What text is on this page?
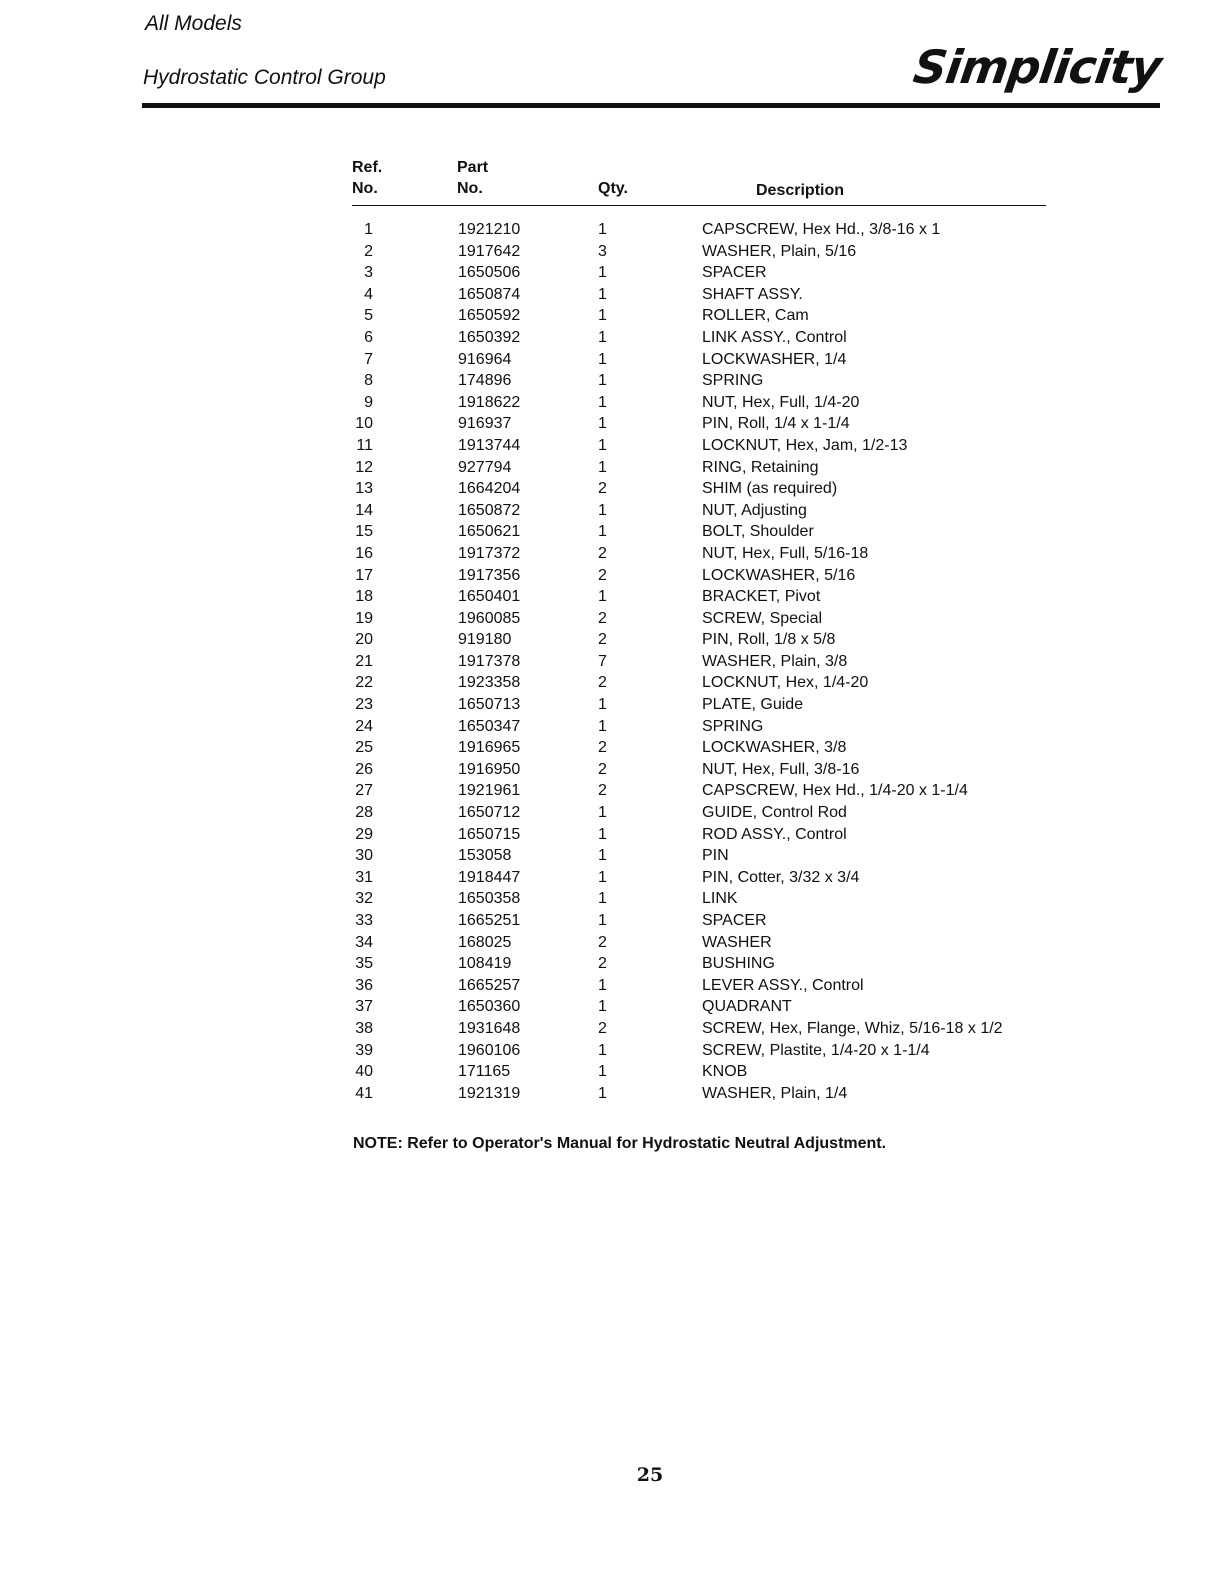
All Models
Hydrostatic Control Group	Simplicity
Ref.
No.
Part
No.	Qty.	Description
1	1921210	1	CAPSCREW, Hex Hd., 3/8-16 x 1
2	1917642	3	WASHER, Plain, 5/16
3	1650506	1	SPACER
4	1650874	1	SHAFT ASSY.
5	1650592	1	ROLLER, Cam
6	1650392	1	LINK ASSY., Control
7	916964	1	LOCKWASHER, 1/4
8	174896	1	SPRING
9	1918622	1	NUT, Hex, Full, 1/4-20
10	916937	1	PIN, Roll, 1/4 x 1-1/4
11	1913744	1	LOCKNUT, Hex, Jam, 1/2-13
12	927794	1	RING, Retaining
13	1664204	2	SHIM (as required)
14	1650872	1	NUT, Adjusting
15	1650621	1	BOLT, Shoulder
16	1917372	2	NUT, Hex, Full, 5/16-18
17	1917356	2	LOCKWASHER, 5/16
18	1650401	1	BRACKET, Pivot
19	1960085	2	SCREW, Special
20	919180	2	PIN, Roll, 1/8 x 5/8
21	1917378	7	WASHER, Plain, 3/8
22	1923358	2	LOCKNUT, Hex, 1/4-20
23	1650713	1	PLATE, Guide
24	1650347	1	SPRING
25	1916965	2	LOCKWASHER, 3/8
26	1916950	2	NUT, Hex, Full, 3/8-16
27	1921961	2	CAPSCREW, Hex Hd., 1/4-20 x 1-1/4
28	1650712	1	GUIDE, Control Rod
29	1650715	1	ROD ASSY., Control
30	153058	1	PIN
31	1918447	1	PIN, Cotter, 3/32 x 3/4
32	1650358	1	LINK
33	1665251	1	SPACER
34	168025	2	WASHER
35	108419	2	BUSHING
36	1665257	1	LEVER ASSY., Control
37	1650360	1	QUADRANT
38	1931648	2	SCREW, Hex, Flange, Whiz, 5/16-18 x 1/2
39	1960106	1	SCREW, Plastite, 1/4-20 x 1-1/4
40	171165	1	KNOB
41	1921319	1	WASHER, Plain, 1/4
NOTE: Refer to Operator's Manual for Hydrostatic Neutral Adjustment.
25
